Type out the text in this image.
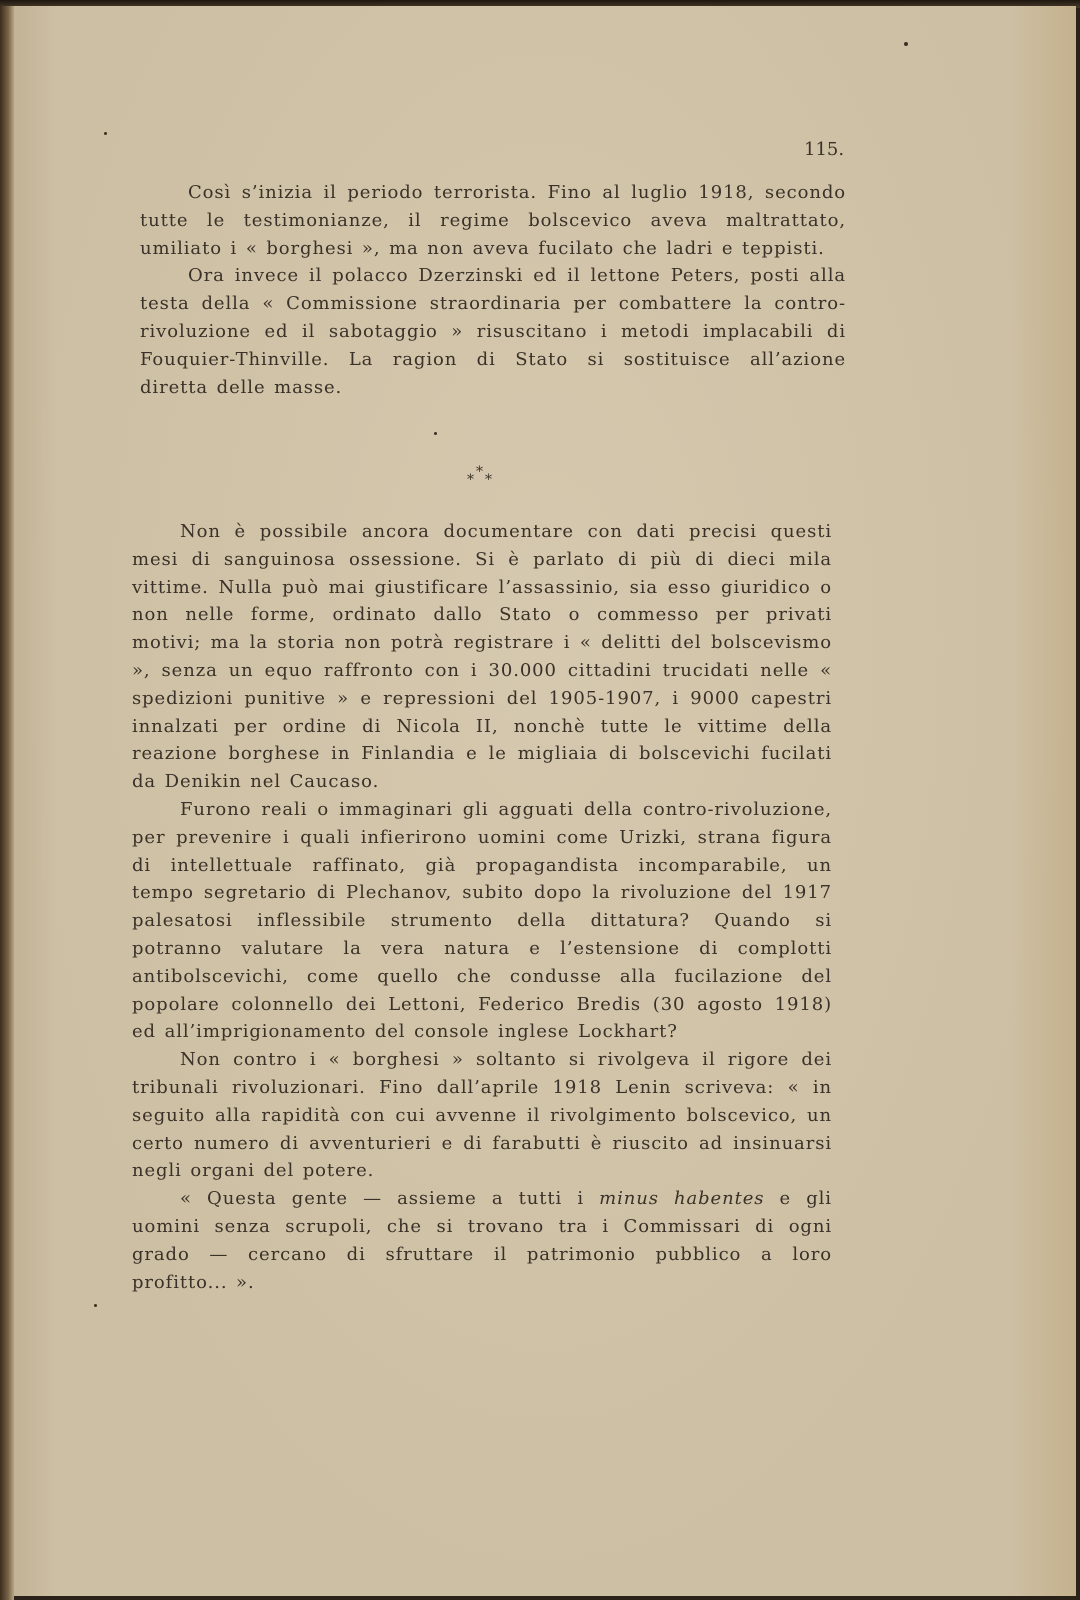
115.

Così s’inizia il periodo terrorista. Fino al luglio 1918, secondo tutte le testimonianze, il regime bolscevico aveva maltrattato, umiliato i « borghesi », ma non aveva fucilato che ladri e teppisti.

Ora invece il polacco Dzerzinski ed il lettone Peters, posti alla testa della « Commissione straordinaria per combattere la contro-rivoluzione ed il sabotaggio » risuscitano i metodi implacabili di Fouquier-Thinville. La ragion di Stato si sostituisce all’azione diretta delle masse.

*
* *

Non è possibile ancora documentare con dati precisi questi mesi di sanguinosa ossessione. Si è parlato di più di dieci mila vittime. Nulla può mai giustificare l’assassinio, sia esso giuridico o non nelle forme, ordinato dallo Stato o commesso per privati motivi; ma la storia non potrà registrare i « delitti del bolscevismo », senza un equo raffronto con i 30.000 cittadini trucidati nelle « spedizioni punitive » e repressioni del 1905-1907, i 9000 capestri innalzati per ordine di Nicola II, nonchè tutte le vittime della reazione borghese in Finlandia e le migliaia di bolscevichi fucilati da Denikin nel Caucaso.

Furono reali o immaginari gli agguati della contro-rivoluzione, per prevenire i quali infierirono uomini come Urizki, strana figura di intellettuale raffinato, già propagandista incomparabile, un tempo segretario di Plechanov, subito dopo la rivoluzione del 1917 palesatosi inflessibile strumento della dittatura? Quando si potranno valutare la vera natura e l’estensione di complotti antibolscevichi, come quello che condusse alla fucilazione del popolare colonnello dei Lettoni, Federico Bredis (30 agosto 1918) ed all’imprigionamento del console inglese Lockhart?

Non contro i « borghesi » soltanto si rivolgeva il rigore dei tribunali rivoluzionari. Fino dall’aprile 1918 Lenin scriveva: « in seguito alla rapidità con cui avvenne il rivolgimento bolscevico, un certo numero di avventurieri e di farabutti è riuscito ad insinuarsi negli organi del potere.

« Questa gente — assieme a tutti i minus habentes e gli uomini senza scrupoli, che si trovano tra i Commissari di ogni grado — cercano di sfruttare il patrimonio pubblico a loro profitto... ».
